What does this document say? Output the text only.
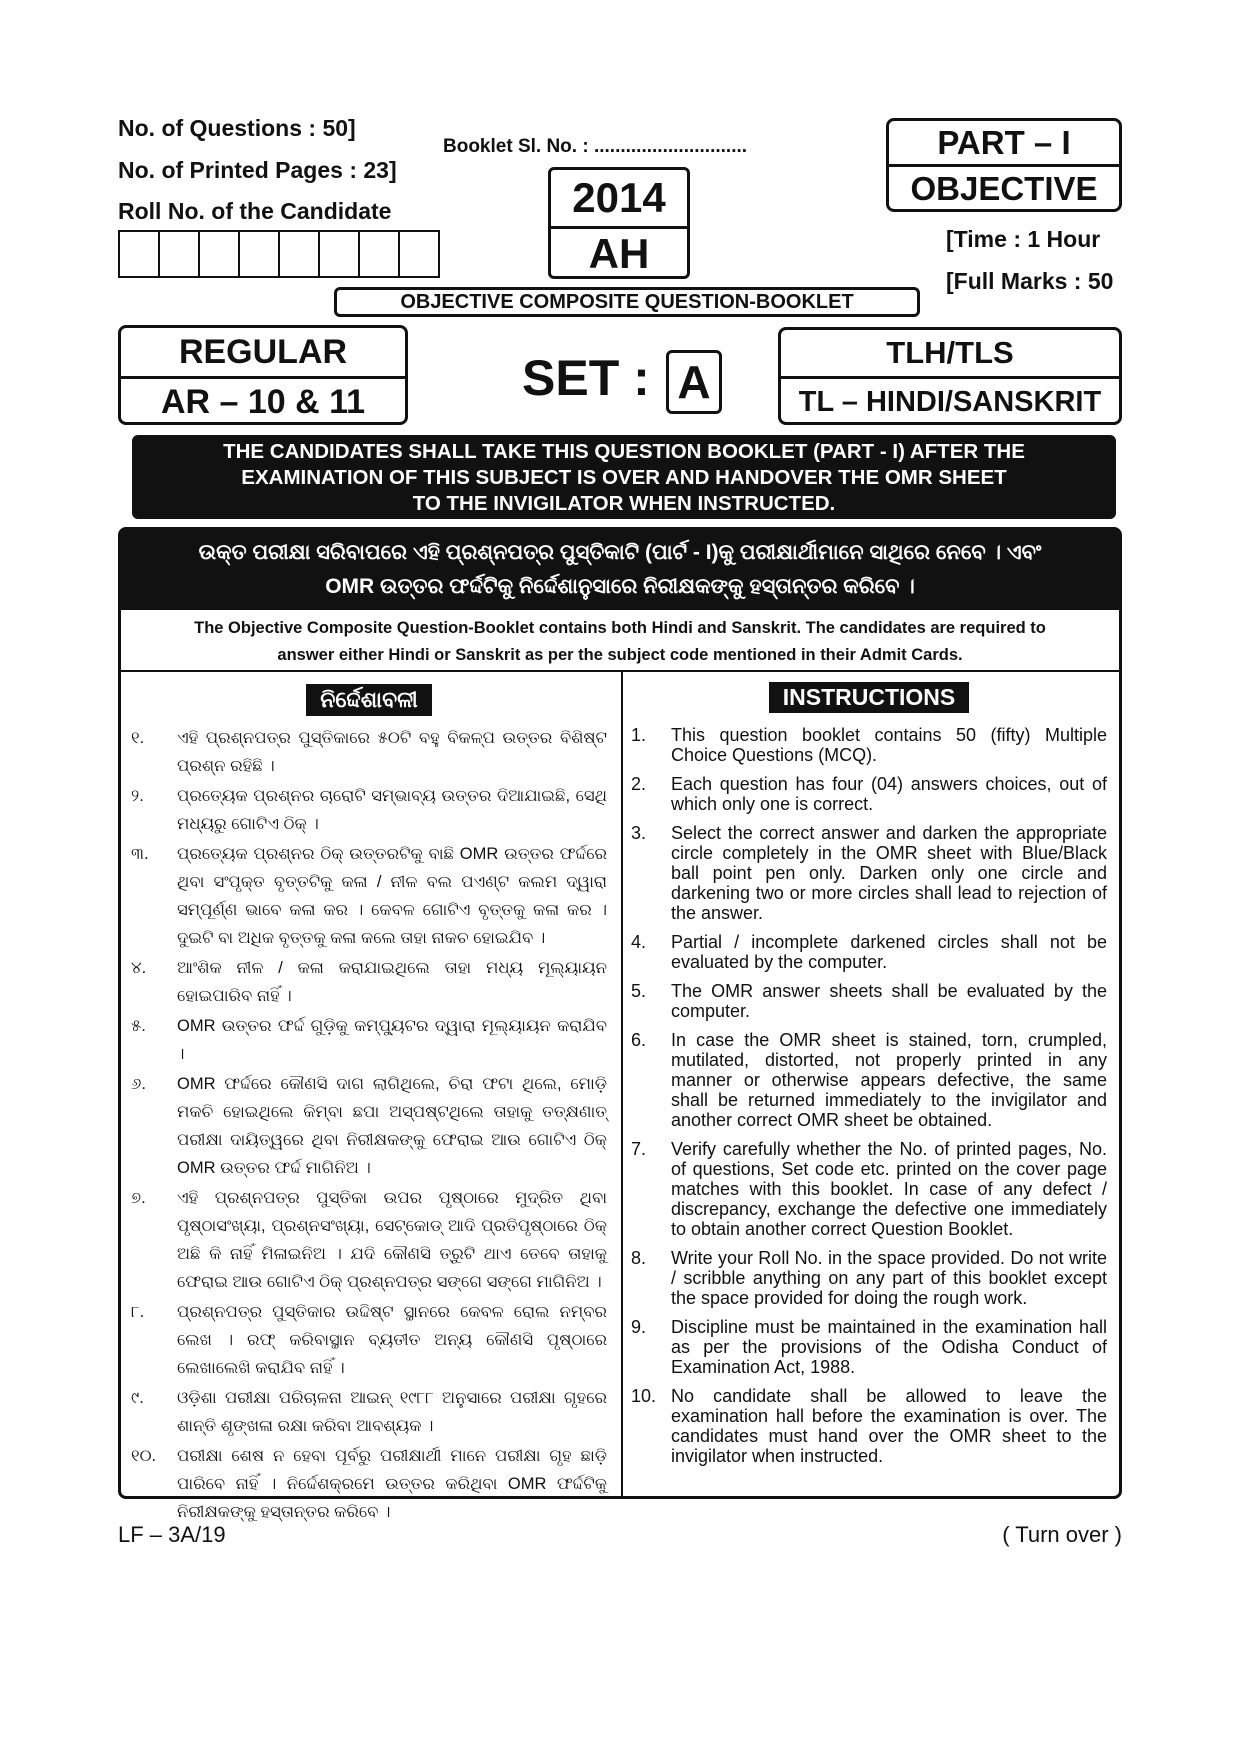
No. of Questions : 50]
No. of Printed Pages : 23]
Roll No. of the Candidate
Booklet Sl. No. : .............................
2014
AH
PART – I
OBJECTIVE
[Time : 1 Hour
[Full Marks : 50
OBJECTIVE COMPOSITE QUESTION-BOOKLET
REGULAR
AR – 10 & 11	SET : A
TLH/TLS
TL – HINDI/SANSKRIT
THE CANDIDATES SHALL TAKE THIS QUESTION BOOKLET (PART - I) AFTER THE
EXAMINATION OF THIS SUBJECT IS OVER AND HANDOVER THE OMR SHEET
TO THE INVIGILATOR WHEN INSTRUCTED.
ଉକ୍ତ ପରୀକ୍ଷା ସରିବାପରେ ଏହି ପ୍ରଶ୍ନପତ୍ର ପୁସ୍ତିକାଟି (ପାର୍ଟ - I)କୁ ପରୀକ୍ଷାର୍ଥୀମାନେ ସାଥିରେ ନେବେ । ଏବଂ
OMR ଉତ୍ତର ଫର୍ଦ୍ଦଟିକୁ ନିର୍ଦ୍ଦେଶାନୁସାରେ ନିରୀକ୍ଷକଙ୍କୁ ହସ୍ତାନ୍ତର କରିବେ ।
The Objective Composite Question-Booklet contains both Hindi and Sanskrit. The candidates are required to
answer either Hindi or Sanskrit as per the subject code mentioned in their Admit Cards.
ନିର୍ଦ୍ଦେଶାବଳୀ
୧.	ଏହି ପ୍ରଶ୍ନପତ୍ର ପୁସ୍ତିକାରେ ୫୦ଟି ବହୁ ବିକଳ୍ପ ଉତ୍ତର ବିଶିଷ୍ଟ ପ୍ରଶ୍ନ ରହିଛି ।
୨.	ପ୍ରତ୍ୟେକ ପ୍ରଶ୍ନର ଚାରୋଟି ସମ୍ଭାବ୍ୟ ଉତ୍ତର ଦିଆଯାଇଛି, ସେଥି ମଧ୍ୟରୁ ଗୋଟିଏ ଠିକ୍ ।
୩.	ପ୍ରତ୍ୟେକ ପ୍ରଶ୍ନର ଠିକ୍ ଉତ୍ତରଟିକୁ ବାଛି OMR ଉତ୍ତର ଫର୍ଦ୍ଦରେ ଥିବା ସଂପୃକ୍ତ ବୃତ୍ତଟିକୁ କଳା / ନୀଳ ବଲ ପଏଣ୍ଟ କଲମ ଦ୍ୱାରା ସମ୍ପୂର୍ଣ୍ଣ ଭାବେ କଳା କର । କେବଳ ଗୋଟିଏ ବୃତ୍ତକୁ କଳା କର । ଦୁଇଟି ବା ଅଧିକ ବୃତ୍ତକୁ କଳା କଲେ ତାହା ନାକଚ ହୋଇଯିବ ।
୪.	ଆଂଶିକ ନୀଳ / କଳା କରାଯାଇଥିଲେ ତାହା ମଧ୍ୟ ମୂଲ୍ୟାୟନ ହୋଇପାରିବ ନାହିଁ ।
୫.	OMR ଉତ୍ତର ଫର୍ଦ୍ଦ ଗୁଡ଼ିକୁ କମ୍ପ୍ୟୁଟର ଦ୍ୱାରା ମୂଲ୍ୟାୟନ କରାଯିବ ।
୬.	OMR ଫର୍ଦ୍ଦରେ କୌଣସି ଦାଗ ଲାଗିଥିଲେ, ଚିରା ଫଟା ଥିଲେ, ମୋଡ଼ି ମକଚି ହୋଇଥିଲେ କିମ୍ବା ଛପା ଅସ୍ପଷ୍ଟଥିଲେ ତାହାକୁ ତତ୍କ୍ଷଣାତ୍ ପରୀକ୍ଷା ଦାୟିତ୍ୱରେ ଥିବା ନିରୀକ୍ଷକଙ୍କୁ ଫେରାଇ ଆଉ ଗୋଟିଏ ଠିକ୍ OMR ଉତ୍ତର ଫର୍ଦ୍ଦ ମାଗିନିଅ ।
୭.	ଏହି ପ୍ରଶ୍ନପତ୍ର ପୁସ୍ତିକା ଉପର ପୃଷ୍ଠାରେ ମୁଦ୍ରିତ ଥିବା ପୃଷ୍ଠାସଂଖ୍ୟା, ପ୍ରଶ୍ନସଂଖ୍ୟା, ସେଟ୍‌କୋଡ୍ ଆଦି ପ୍ରତିପୃଷ୍ଠାରେ ଠିକ୍ ଅଛି କି ନାହିଁ ମିଳାଇନିଅ । ଯଦି କୌଣସି ତ୍ରୁଟି ଥାଏ ତେବେ ତାହାକୁ ଫେରାଇ ଆଉ ଗୋଟିଏ ଠିକ୍ ପ୍ରଶ୍ନପତ୍ର ସଙ୍ଗେ ସଙ୍ଗେ ମାଗିନିଅ ।
୮.	ପ୍ରଶ୍ନପତ୍ର ପୁସ୍ତିକାର ଉଦ୍ଦିଷ୍ଟ ସ୍ଥାନରେ କେବଳ ରୋଲ ନମ୍ବର ଲେଖ । ରଫ୍ କରିବାସ୍ଥାନ ବ୍ୟତୀତ ଅନ୍ୟ କୌଣସି ପୃଷ୍ଠାରେ ଲେଖାଲେଖି କରାଯିବ ନାହିଁ ।
୯.	ଓଡ଼ିଶା ପରୀକ୍ଷା ପରିଚାଳନା ଆଇନ୍ ୧୯୮୮ ଅନୁସାରେ ପରୀକ୍ଷା ଗୃହରେ ଶାନ୍ତି ଶୃଙ୍ଖଳା ରକ୍ଷା କରିବା ଆବଶ୍ୟକ ।
୧୦.	ପରୀକ୍ଷା ଶେଷ ନ ହେବା ପୂର୍ବରୁ ପରୀକ୍ଷାର୍ଥୀ ମାନେ ପରୀକ୍ଷା ଗୃହ ଛାଡ଼ି ପାରିବେ ନାହିଁ । ନିର୍ଦ୍ଦେଶକ୍ରମେ ଉତ୍ତର କରିଥିବା OMR ଫର୍ଦ୍ଦଟିକୁ ନିରୀକ୍ଷକଙ୍କୁ ହସ୍ତାନ୍ତର କରିବେ ।
INSTRUCTIONS
1.	This question booklet contains 50 (fifty) Multiple Choice Questions (MCQ).
2.	Each question has four (04) answers choices, out of which only one is correct.
3.	Select the correct answer and darken the appropriate circle completely in the OMR sheet with Blue/Black ball point pen only. Darken only one circle and darkening two or more circles shall lead to rejection of the answer.
4.	Partial / incomplete darkened circles shall not be evaluated by the computer.
5.	The OMR answer sheets shall be evaluated by the computer.
6.	In case the OMR sheet is stained, torn, crumpled, mutilated, distorted, not properly printed in any manner or otherwise appears defective, the same shall be returned immediately to the invigilator and another correct OMR sheet be obtained.
7.	Verify carefully whether the No. of printed pages, No. of questions, Set code etc. printed on the cover page matches with this booklet. In case of any defect / discrepancy, exchange the defective one immediately to obtain another correct Question Booklet.
8.	Write your Roll No. in the space provided. Do not write / scribble anything on any part of this booklet except the space provided for doing the rough work.
9.	Discipline must be maintained in the examination hall as per the provisions of the Odisha Conduct of Examination Act, 1988.
10. No candidate shall be allowed to leave the examination hall before the examination is over. The candidates must hand over the OMR sheet to the invigilator when instructed.
LF – 3A/19	( Turn over )
